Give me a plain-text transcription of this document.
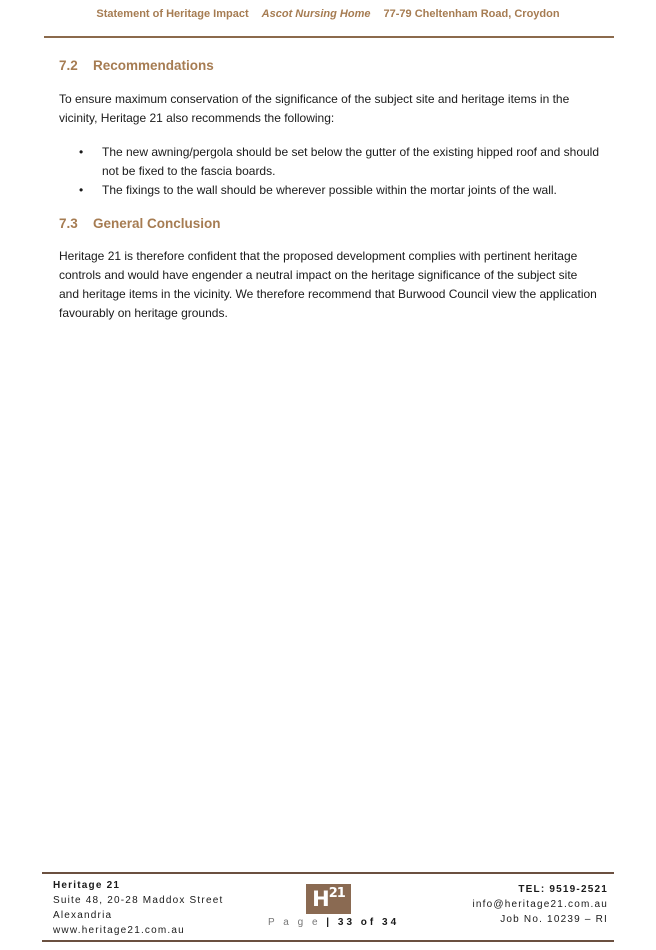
Statement of Heritage Impact Ascot Nursing Home 77-79 Cheltenham Road, Croydon
7.2	Recommendations

To ensure maximum conservation of the significance of the subject site and heritage items in the vicinity, Heritage 21 also recommends the following:

• The new awning/pergola should be set below the gutter of the existing hipped roof and should not be fixed to the fascia boards.
• The fixings to the wall should be wherever possible within the mortar joints of the wall.
7.3	General Conclusion

Heritage 21 is therefore confident that the proposed development complies with pertinent heritage controls and would have engender a neutral impact on the heritage significance of the subject site and heritage items in the vicinity. We therefore recommend that Burwood Council view the application favourably on heritage grounds.

Heritage 21
Suite 48, 20-28 Maddox Street
Alexandria
www.heritage21.com.au
$H^{21}$
P a g e | 33 of 34
TEL: 9519-2521
info@heritage21.com.au
Job No. 10239 – RI
